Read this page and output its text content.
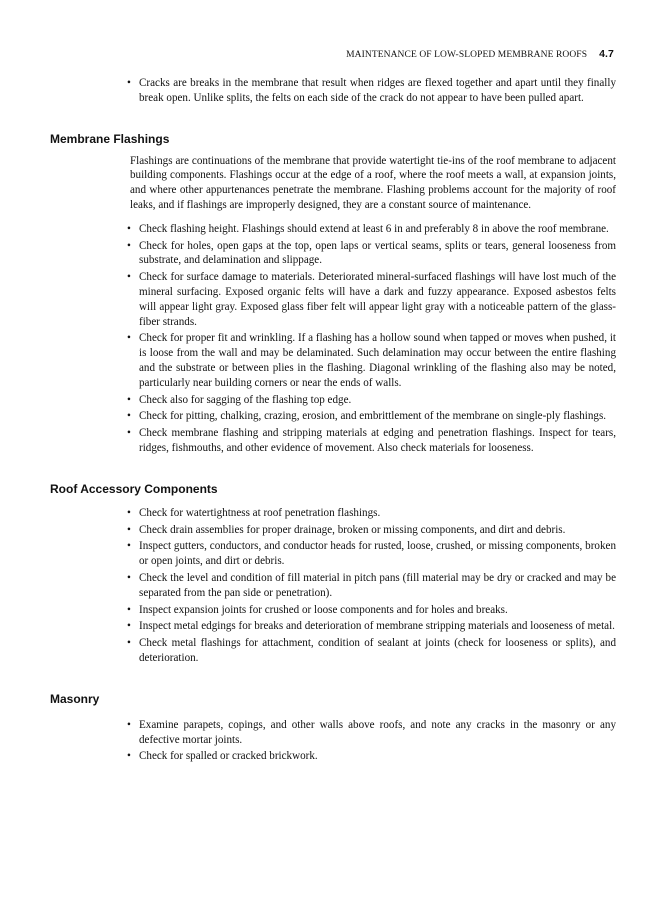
MAINTENANCE OF LOW-SLOPED MEMBRANE ROOFS 4.7
• Cracks are breaks in the membrane that result when ridges are flexed together and apart until they finally break open. Unlike splits, the felts on each side of the crack do not appear to have been pulled apart.
Membrane Flashings

Flashings are continuations of the membrane that provide watertight tie-ins of the roof membrane to adjacent building components. Flashings occur at the edge of a roof, where the roof meets a wall, at expansion joints, and where other appurtenances penetrate the membrane. Flashing problems account for the majority of roof leaks, and if flashings are improperly designed, they are a constant source of maintenance.

• Check flashing height. Flashings should extend at least 6 in and preferably 8 in above the roof membrane.
• Check for holes, open gaps at the top, open laps or vertical seams, splits or tears, general looseness from substrate, and delamination and slippage.
• Check for surface damage to materials. Deteriorated mineral-surfaced flashings will have lost much of the mineral surfacing. Exposed organic felts will have a dark and fuzzy appearance. Exposed asbestos felts will appear light gray. Exposed glass fiber felt will appear light gray with a noticeable pattern of the glass-fiber strands.
• Check for proper fit and wrinkling. If a flashing has a hollow sound when tapped or moves when pushed, it is loose from the wall and may be delaminated. Such delamination may occur between the entire flashing and the substrate or between plies in the flashing. Diagonal wrinkling of the flashing also may be noted, particularly near building corners or near the ends of walls.
• Check also for sagging of the flashing top edge.
• Check for pitting, chalking, crazing, erosion, and embrittlement of the membrane on single-ply flashings.
• Check membrane flashing and stripping materials at edging and penetration flashings. Inspect for tears, ridges, fishmouths, and other evidence of movement. Also check materials for looseness.
Roof Accessory Components
• Check for watertightness at roof penetration flashings.
• Check drain assemblies for proper drainage, broken or missing components, and dirt and debris.
• Inspect gutters, conductors, and conductor heads for rusted, loose, crushed, or missing components, broken or open joints, and dirt or debris.
• Check the level and condition of fill material in pitch pans (fill material may be dry or cracked and may be separated from the pan side or penetration).
• Inspect expansion joints for crushed or loose components and for holes and breaks.
• Inspect metal edgings for breaks and deterioration of membrane stripping materials and looseness of metal.
• Check metal flashings for attachment, condition of sealant at joints (check for looseness or splits), and deterioration.
Masonry
• Examine parapets, copings, and other walls above roofs, and note any cracks in the masonry or any defective mortar joints.
• Check for spalled or cracked brickwork.
